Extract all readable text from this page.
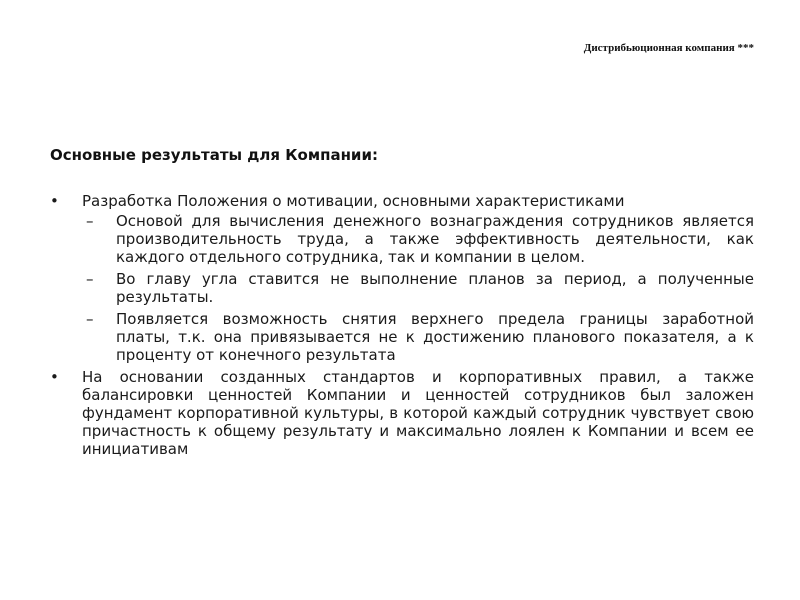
Дистрибьюционная компания ***
Основные результаты для Компании:
•	Разработка Положения о мотивации, основными характеристиками
– Основой для вычисления денежного вознаграждения сотрудников является производительность труда, а также эффективность деятельности, как каждого отдельного сотрудника, так и компании в целом.
– Во главу угла ставится не выполнение планов за период, а полученные результаты.
– Появляется возможность снятия верхнего предела границы заработной платы, т.к. она привязывается не к достижению планового показателя, а к проценту от конечного результата
•	На основании созданных стандартов и корпоративных правил, а также балансировки ценностей Компании и ценностей сотрудников был заложен фундамент корпоративной культуры, в которой каждый сотрудник чувствует свою причастность к общему результату и максимально лоялен к Компании и всем ее инициативам
